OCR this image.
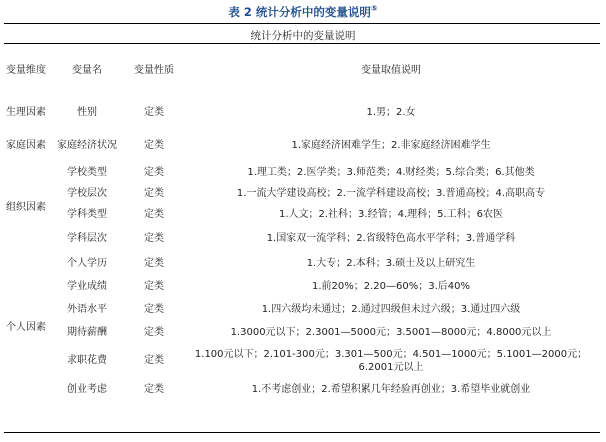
表 2 统计分析中的变量说明⑤
统计分析中的变量说明
变量维度	变量名	变量性质	变量取值说明
生理因素	性别	定类	1.男；2.女
家庭因素	家庭经济状况	定类	1.家庭经济困难学生；2.非家庭经济困难学生
组织因素	学校类型	定类	1.理工类；2.医学类；3.师范类；4.财经类；5.综合类；6.其他类
	学校层次	定类	1.一流大学建设高校；2.一流学科建设高校；3.普通高校；4.高职高专
	学科类型	定类	1.人文；2.社科；3.经管；4.理科；5.工科；6农医
	学科层次	定类	1.国家双一流学科；2.省级特色高水平学科；3.普通学科
个人因素	个人学历	定类	1.大专；2.本科；3.硕士及以上研究生
	学业成绩	定类	1.前20%；2.20—60%；3.后40%
	外语水平	定类	1.四六级均未通过；2.通过四级但未过六级；3.通过四六级
	期待薪酬	定类	1.3000元以下；2.3001—5000元；3.5001—8000元；4.8000元以上
	求职花费	定类	1.100元以下；2.101-300元；3.301—500元；4.501—1000元；5.1001—2000元；6.2001元以上
	创业考虑	定类	1.不考虑创业；2.希望积累几年经验再创业；3.希望毕业就创业
